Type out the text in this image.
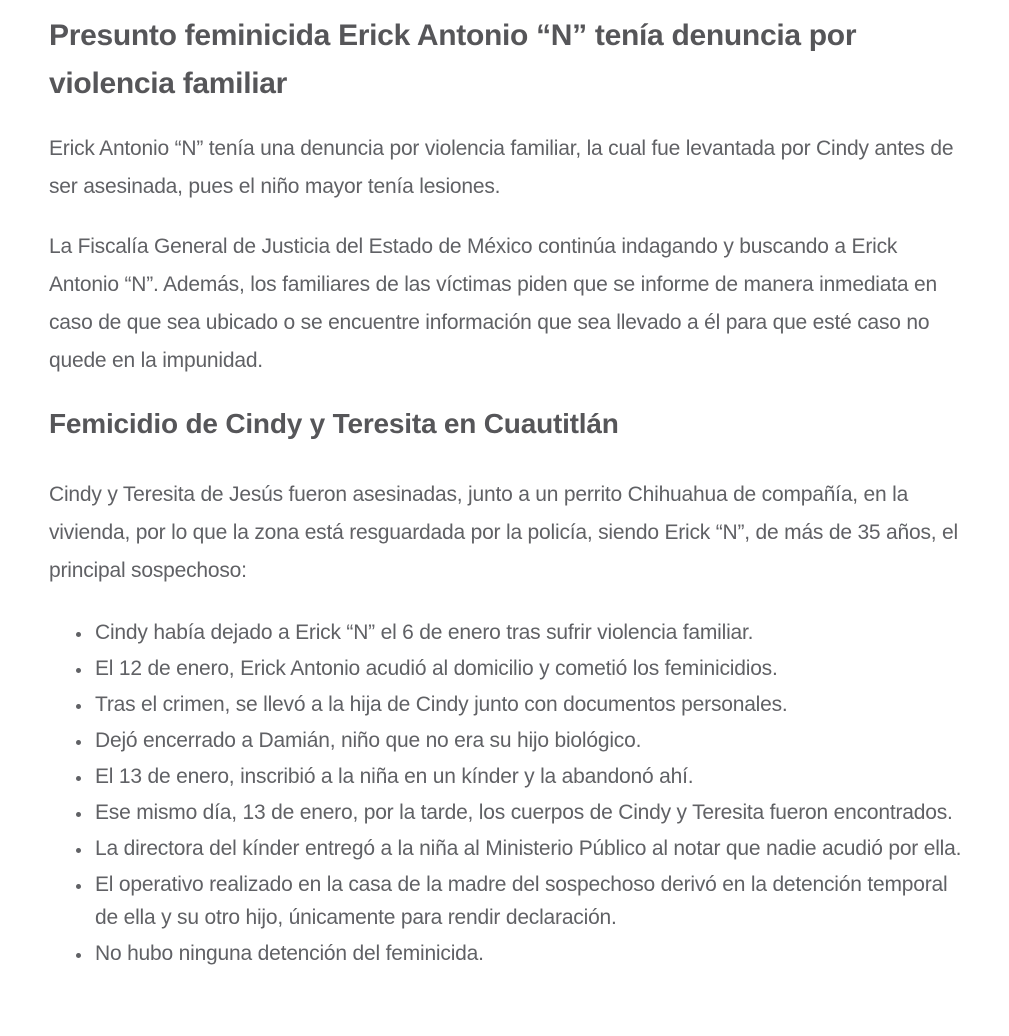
Presunto feminicida Erick Antonio “N” tenía denuncia por violencia familiar

Erick Antonio “N” tenía una denuncia por violencia familiar, la cual fue levantada por Cindy antes de ser asesinada, pues el niño mayor tenía lesiones.

La Fiscalía General de Justicia del Estado de México continúa indagando y buscando a Erick Antonio “N”. Además, los familiares de las víctimas piden que se informe de manera inmediata en caso de que sea ubicado o se encuentre información que sea llevado a él para que esté caso no quede en la impunidad.

Femicidio de Cindy y Teresita en Cuautitlán

Cindy y Teresita de Jesús fueron asesinadas, junto a un perrito Chihuahua de compañía, en la vivienda, por lo que la zona está resguardada por la policía, siendo Erick “N”, de más de 35 años, el principal sospechoso:

• Cindy había dejado a Erick “N” el 6 de enero tras sufrir violencia familiar.
• El 12 de enero, Erick Antonio acudió al domicilio y cometió los feminicidios.
• Tras el crimen, se llevó a la hija de Cindy junto con documentos personales.
• Dejó encerrado a Damián, niño que no era su hijo biológico.
• El 13 de enero, inscribió a la niña en un kínder y la abandonó ahí.
• Ese mismo día, 13 de enero, por la tarde, los cuerpos de Cindy y Teresita fueron encontrados.
• La directora del kínder entregó a la niña al Ministerio Público al notar que nadie acudió por ella.
• El operativo realizado en la casa de la madre del sospechoso derivó en la detención temporal de ella y su otro hijo, únicamente para rendir declaración.
• No hubo ninguna detención del feminicida.
